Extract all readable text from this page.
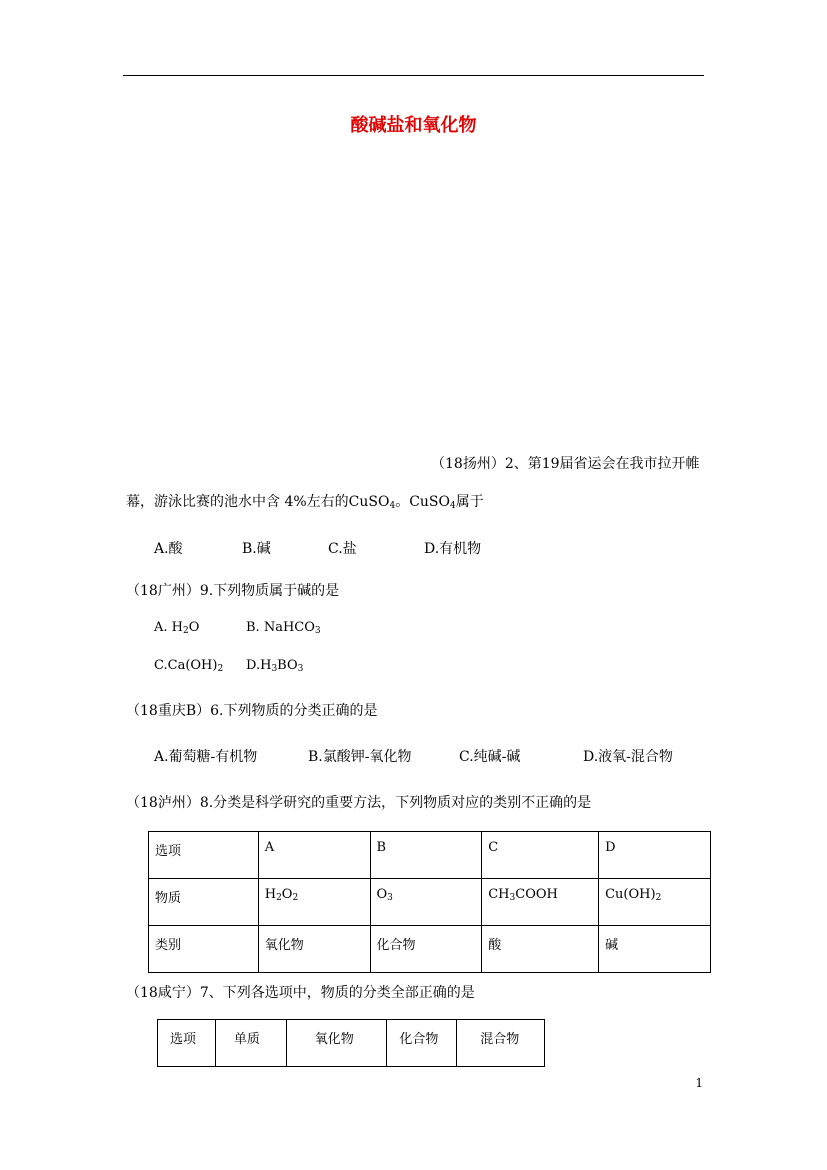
酸碱盐和氧化物
（18扬州）2、第19届省运会在我市拉开帷
幕，游泳比赛的池水中含 4%左右的CuSO$_4$。CuSO$_4$属于
A.酸	B.碱	C.盐	D.有机物
（18广州）9.下列物质属于碱的是
A. $H_2O$	B. NaHCO$_3$
$C.Ca(OH)_2$ $D.H_3BO_3$
（18重庆B）6.下列物质的分类正确的是
A.葡萄糖-有机物	B.氯酸钾-氧化物	C.纯碱-碱	D.液氧-混合物
（18泸州）8.分类是科学研究的重要方法，下列物质对应的类别不正确的是
选项	A	B	C	D
物质	$H_2O_2$	$O_3$	$CH_3COOH$	$Cu(OH)_2$
类别	氧化物	化合物	酸	碱
（18咸宁）7、下列各选项中，物质的分类全部正确的是
选项	单质	氧化物	化合物	混合物
1
